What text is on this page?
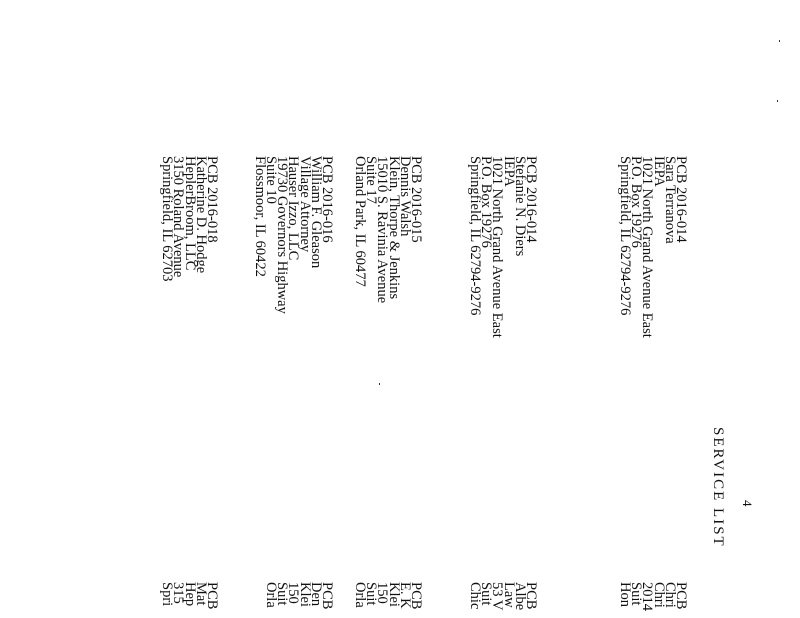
4
SERVICE LIST
PCB 2016-014
Sara Terranova
IEPA
1021 North Grand Avenue East
P.O. Box 19276
Springfield, IL 62794-9276
PCB 2016-014
Stefanie N. Diers
IEPA
1021 North Grand Avenue East
P.O. Box 19276
Springfield, IL 62794-9276
PCB 2016-015
Dennis Walsh
Klein, Thorpe & Jenkins
15010 S. Ravinia Avenue
Suite 17
Orland Park, IL 60477
PCB 2016-016
William F. Gleason
Village Attorney
Hauser Izzo, LLC
19730 Governors Highway
Suite 10
Flossmoor, IL 60422
PCB 2016-018
Katherine D. Hodge
HeplerBroom, LLC
3150 Roland Avenue
Springfield, IL 62703
PCB
Chri
Chri
2014
Suit
Hon
PCB
Albe
Law
53 V
Suit
Chic
PCB
E. K
Klei
150
Suit
Orla
PCB
Den
Klei
150
Suit
Orla
PCB
Mat
Hep
315
Spri
